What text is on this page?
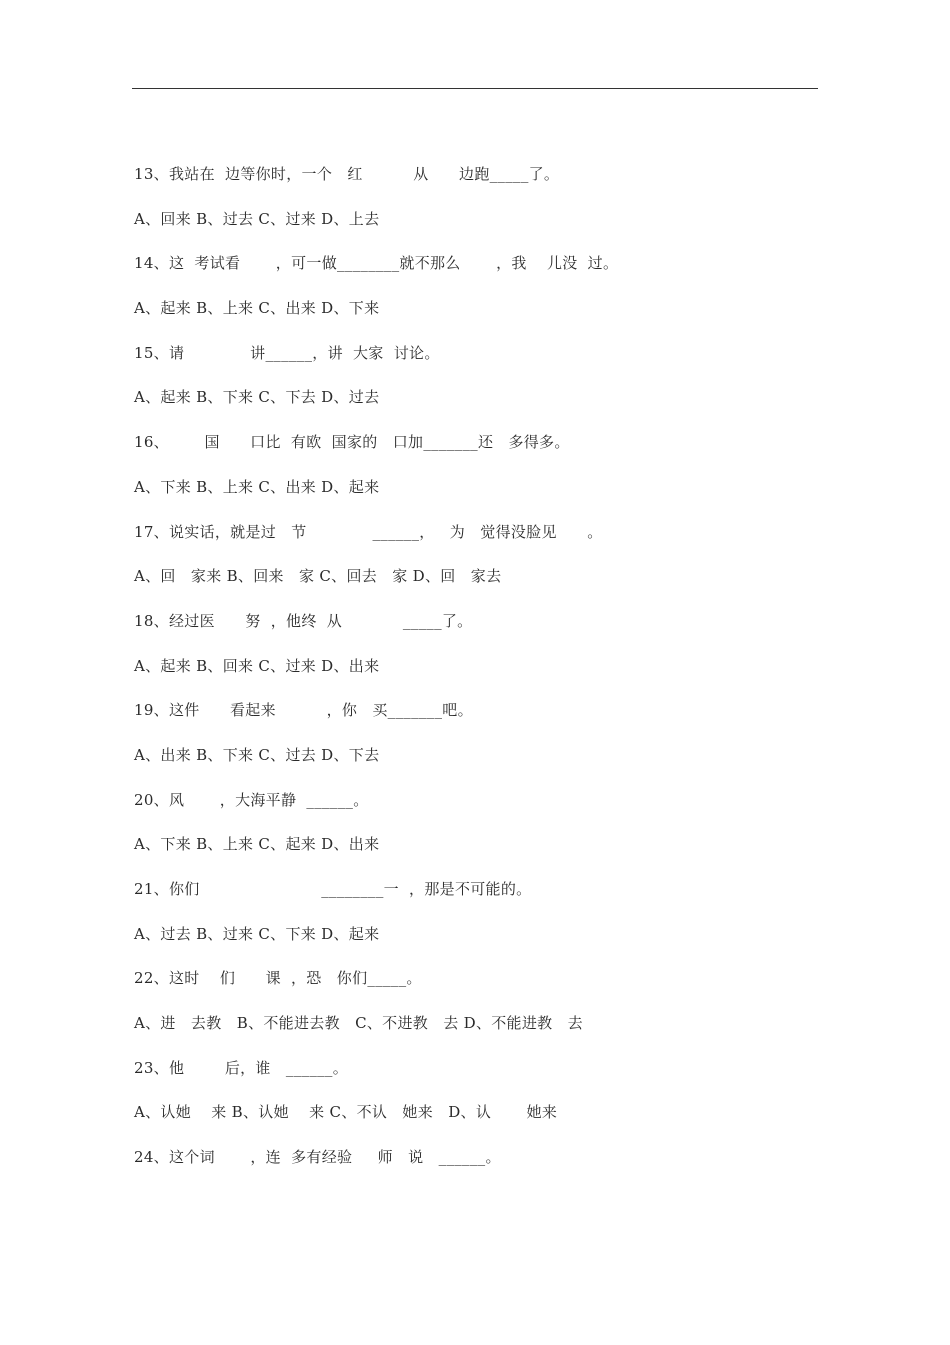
13、我站在  边等你时，一个   红          从      边跑_____了。
A、回来 B、过去 C、过来 D、上去
14、这  考试看       ，可一做________就不那么       ，我    儿没  过。
A、起来 B、上来 C、出来 D、下来
15、请             讲______，讲  大家  讨论。
A、起来 B、下来 C、下去 D、过去
16、       国      口比  有欧  国家的   口加_______还   多得多。
A、下来 B、上来 C、出来 D、起来
17、说实话，就是过   节             ______，   为   觉得没脸见      。
A、回   家来 B、回来   家 C、回去   家 D、回   家去
18、经过医      努  ，他终  从            _____了。
A、起来 B、回来 C、过来 D、出来
19、这件      看起来          ，你   买_______吧。
A、出来 B、下来 C、过去 D、下去
20、风       ，大海平静  ______。
A、下来 B、上来 C、起来 D、出来
21、你们                        ________一  ，那是不可能的。
A、过去 B、过来 C、下来 D、起来
22、这时    们      课  ，恐   你们_____。
A、进   去教   B、不能进去教   C、不进教   去 D、不能进教   去
23、他        后，谁   ______。
A、认她    来 B、认她    来 C、不认   她来   D、认       她来
24、这个词       ，连  多有经验     师   说   ______。
